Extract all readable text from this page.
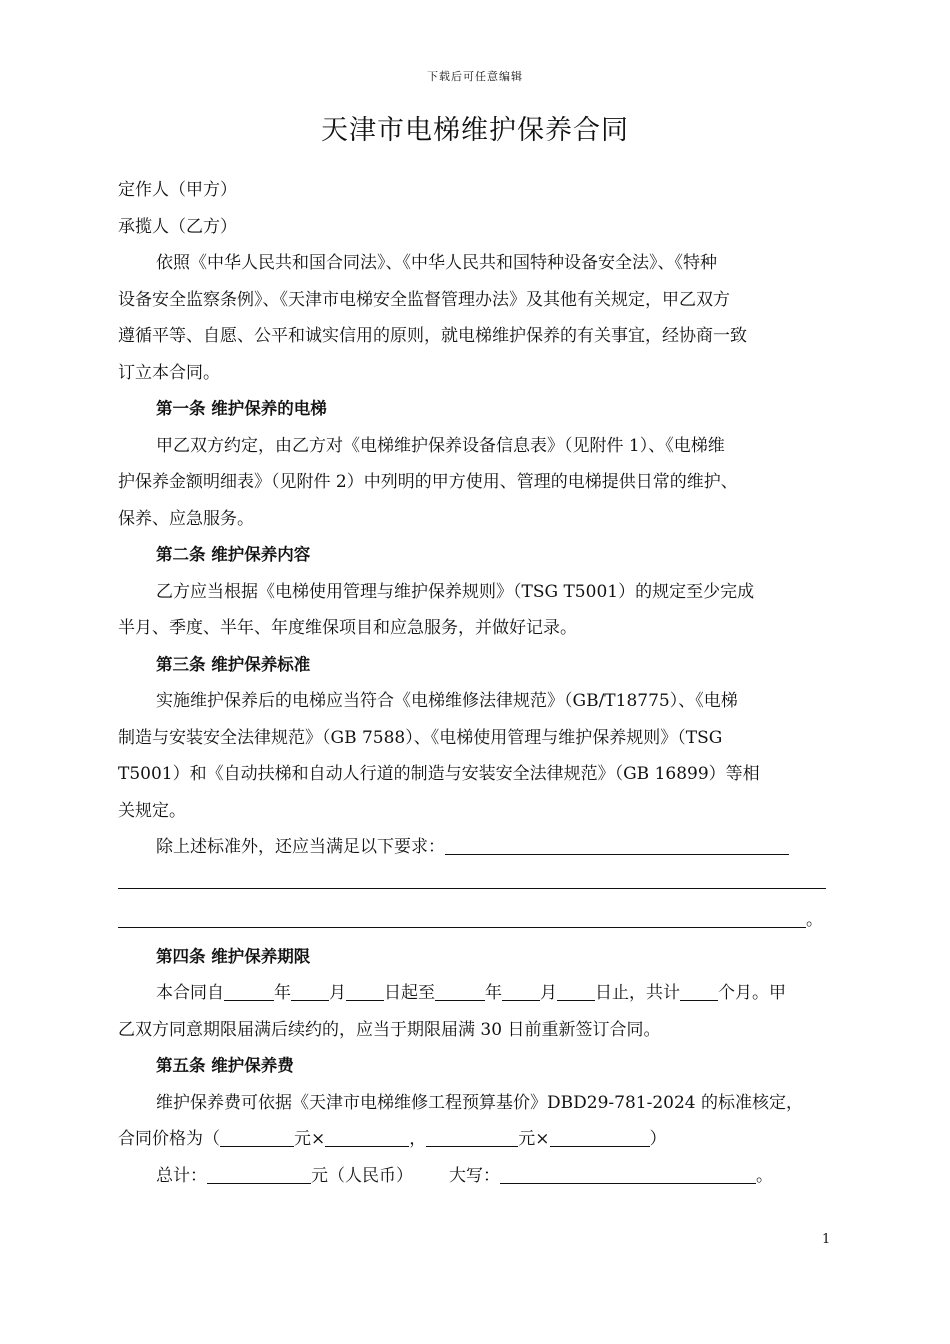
下载后可任意编辑
天津市电梯维护保养合同
定作人（甲方）
承揽人（乙方）
依照《中华人民共和国合同法》、《中华人民共和国特种设备安全法》、《特种
设备安全监察条例》、《天津市电梯安全监督管理办法》及其他有关规定，甲乙双方
遵循平等、自愿、公平和诚实信用的原则，就电梯维护保养的有关事宜，经协商一致
订立本合同。
第一条 维护保养的电梯
甲乙双方约定，由乙方对《电梯维护保养设备信息表》（见附件 1）、《电梯维
护保养金额明细表》（见附件 2）中列明的甲方使用、管理的电梯提供日常的维护、
保养、应急服务。
第二条 维护保养内容
乙方应当根据《电梯使用管理与维护保养规则》（TSG T5001）的规定至少完成
半月、季度、半年、年度维保项目和应急服务，并做好记录。
第三条 维护保养标准
实施维护保养后的电梯应当符合《电梯维修法律规范》（GB/T18775）、《电梯
制造与安装安全法律规范》（GB 7588）、《电梯使用管理与维护保养规则》（TSG
T5001）和《自动扶梯和自动人行道的制造与安装安全法律规范》（GB 16899）等相
关规定。
除上述标准外，还应当满足以下要求：
。
第四条 维护保养期限
本合同自	年 月 日起至	年 月 日止，共计 个月。甲
乙双方同意期限届满后续约的，应当于期限届满 30 日前重新签订合同。
第五条 维护保养费
维护保养费可依据《天津市电梯维修工程预算基价》DBD29-781-2024 的标准核定，
合同价格为（	元×	，	元×	）
总计：	元（人民币） 大写：	。
1
